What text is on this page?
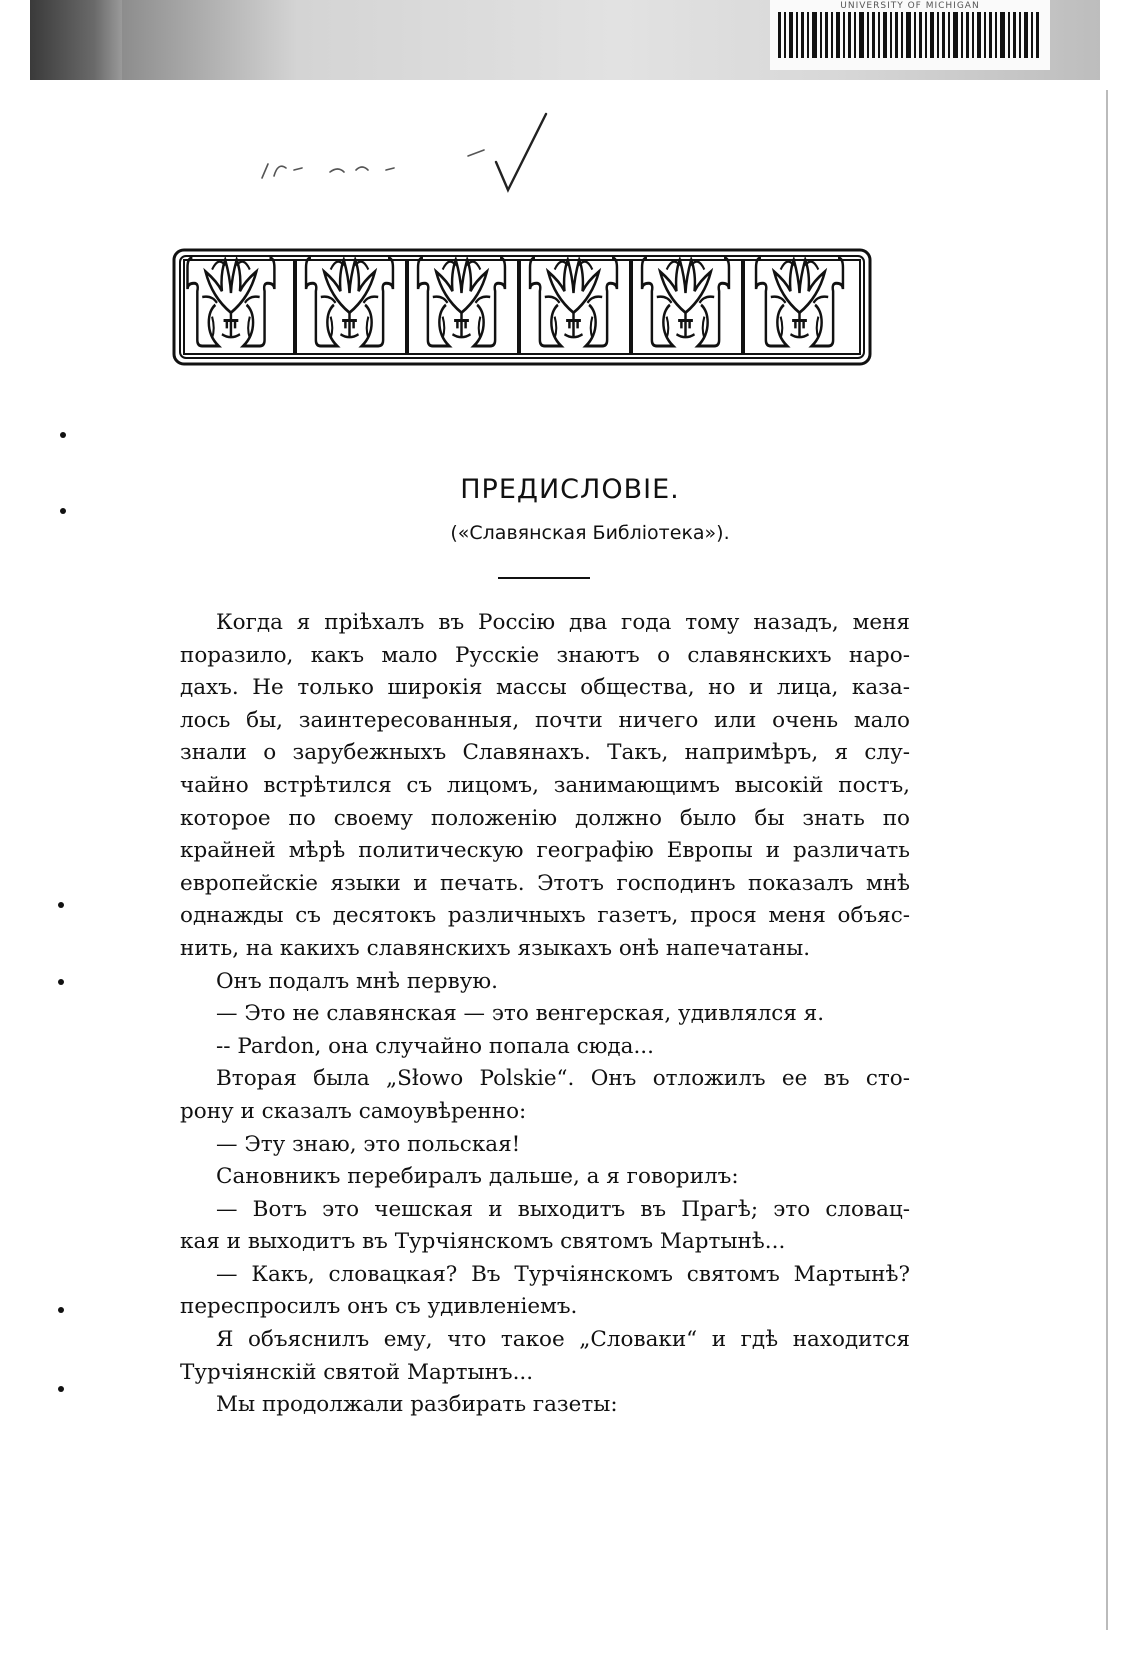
UNIVERSITY OF MICHIGAN
ПРЕДИСЛОВІЕ.
(«Славянская Библіотека»).
Когда я пріѣхалъ въ Россію два года тому назадъ, меня
поразило, какъ мало Русскіе знаютъ о славянскихъ наро-
дахъ. Не только широкія массы общества, но и лица, каза-
лось бы, заинтересованныя, почти ничего или очень мало
знали о зарубежныхъ Славянахъ. Такъ, напримѣръ, я слу-
чайно встрѣтился съ лицомъ, занимающимъ высокій постъ,
которое по своему положенію должно было бы знать по
крайней мѣрѣ политическую географію Европы и различать
европейскіе языки и печать. Этотъ господинъ показалъ мнѣ
однажды съ десятокъ различныхъ газетъ, прося меня объяс-
нить, на какихъ славянскихъ языкахъ онѣ напечатаны.
Онъ подалъ мнѣ первую.
— Это не славянская — это венгерская, удивлялся я.
-- Pardon, она случайно попала сюда...
Вторая была „Słowo Polskie“. Онъ отложилъ ее въ сто-
рону и сказалъ самоувѣренно:
— Эту знаю, это польская!
Сановникъ перебиралъ дальше, а я говорилъ:
— Вотъ это чешская и выходитъ въ Прагѣ; это словац-
кая и выходитъ въ Турчіянскомъ святомъ Мартынѣ...
— Какъ, словацкая? Въ Турчіянскомъ святомъ Мартынѣ?
переспросилъ онъ съ удивленіемъ.
Я объяснилъ ему, что такое „Словаки“ и гдѣ находится
Турчіянскій святой Мартынъ...
Мы продолжали разбирать газеты:
